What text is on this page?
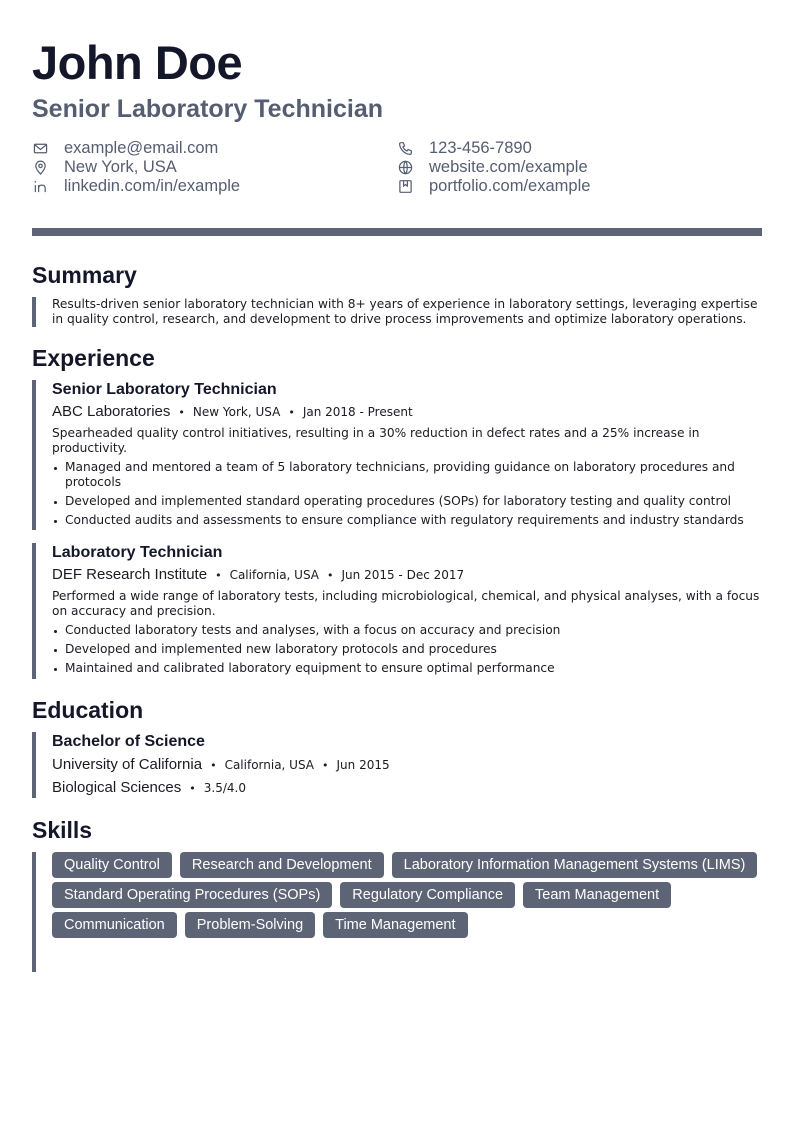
John Doe
Senior Laboratory Technician
example@email.com
New York, USA
linkedin.com/in/example
123-456-7890
website.com/example
portfolio.com/example
Summary
Results-driven senior laboratory technician with 8+ years of experience in laboratory settings, leveraging expertise in quality control, research, and development to drive process improvements and optimize laboratory operations.
Experience
Senior Laboratory Technician
ABC Laboratories • New York, USA • Jan 2018 - Present
Spearheaded quality control initiatives, resulting in a 30% reduction in defect rates and a 25% increase in productivity.
Managed and mentored a team of 5 laboratory technicians, providing guidance on laboratory procedures and protocols
Developed and implemented standard operating procedures (SOPs) for laboratory testing and quality control
Conducted audits and assessments to ensure compliance with regulatory requirements and industry standards
Laboratory Technician
DEF Research Institute • California, USA • Jun 2015 - Dec 2017
Performed a wide range of laboratory tests, including microbiological, chemical, and physical analyses, with a focus on accuracy and precision.
Conducted laboratory tests and analyses, with a focus on accuracy and precision
Developed and implemented new laboratory protocols and procedures
Maintained and calibrated laboratory equipment to ensure optimal performance
Education
Bachelor of Science
University of California • California, USA • Jun 2015
Biological Sciences • 3.5/4.0
Skills
Quality Control	Research and Development	Laboratory Information Management Systems (LIMS)
Standard Operating Procedures (SOPs)	Regulatory Compliance	Team Management
Communication	Problem-Solving	Time Management
